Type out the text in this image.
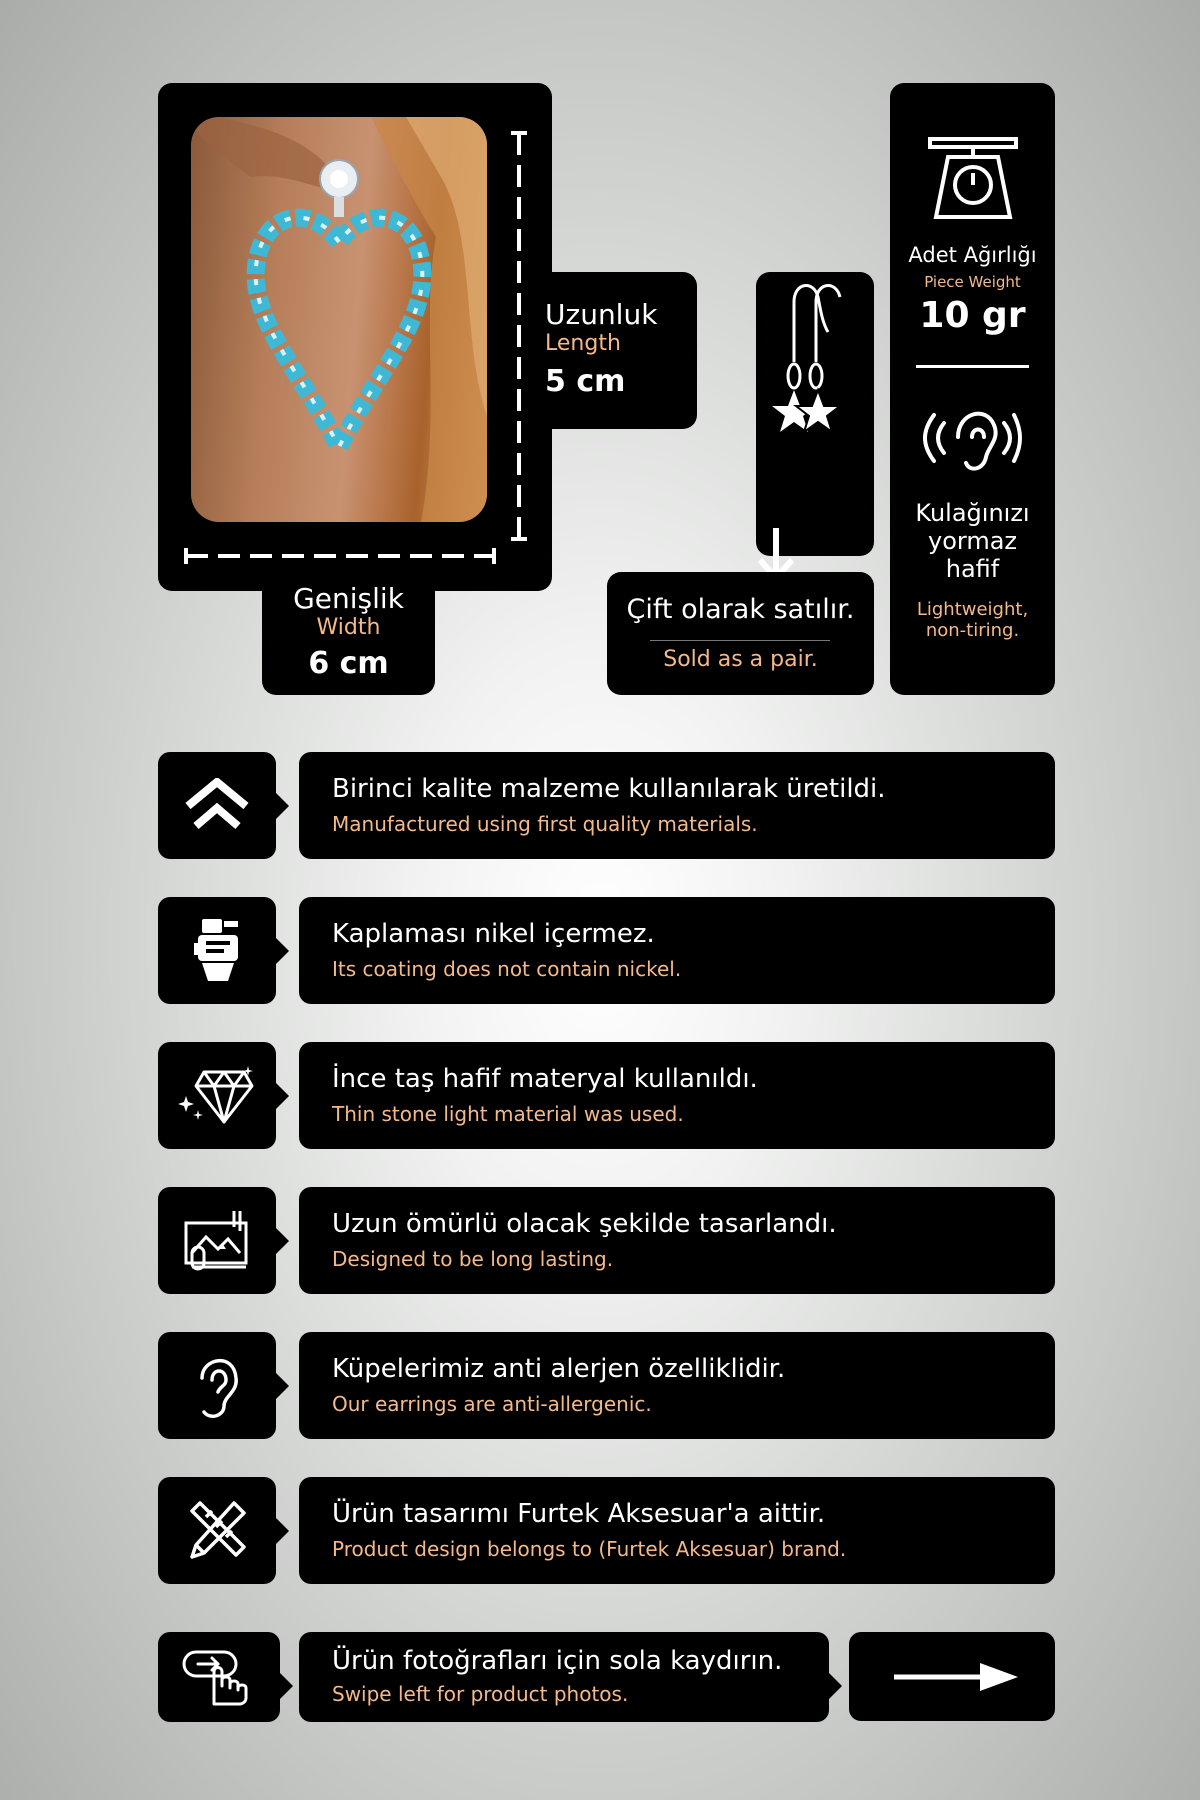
Uzunluk
Length
5 cm
Genişlik
Width
6 cm

Çift olarak satılır.
Sold as a pair.
Adet Ağırlığı
Piece Weight
10 gr
Kulağınızı
yormaz
hafif
Lightweight,
non-tiring.
Birinci kalite malzeme kullanılarak üretildi.
Manufactured using first quality materials.
Kaplaması nikel içermez.
Its coating does not contain nickel.
İnce taş hafif materyal kullanıldı.
Thin stone light material was used.
Uzun ömürlü olacak şekilde tasarlandı.
Designed to be long lasting.
Küpelerimiz anti alerjen özelliklidir.
Our earrings are anti-allergenic.
Ürün tasarımı Furtek Aksesuar'a aittir.
Product design belongs to (Furtek Aksesuar) brand.
Ürün fotoğrafları için sola kaydırın.
Swipe left for product photos.
